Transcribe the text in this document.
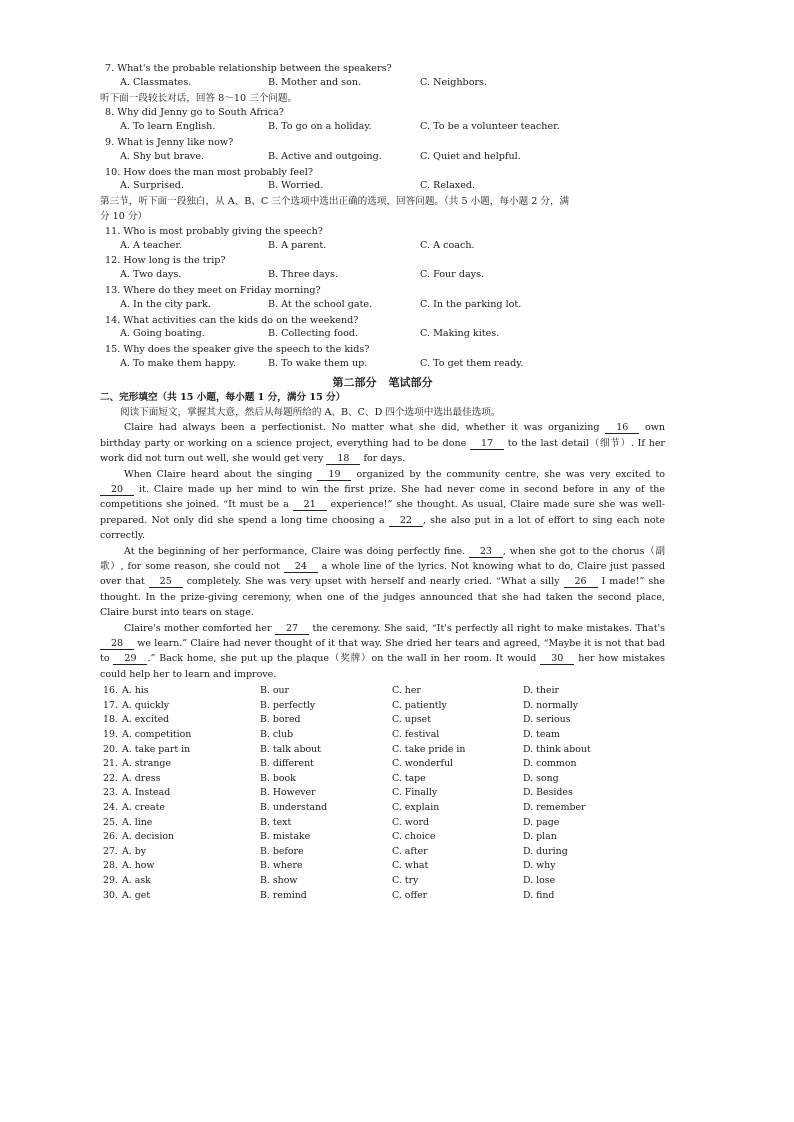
7. What's the probable relationship between the speakers?
A. Classmates.	B. Mother and son.	C. Neighbors.
听下面一段较长对话，回答 8～10 三个问题。
8. Why did Jenny go to South Africa?
A. To learn English.	B. To go on a holiday.	C. To be a volunteer teacher.
9. What is Jenny like now?
A. Shy but brave.	B. Active and outgoing.	C. Quiet and helpful.
10. How does the man most probably feel?
A. Surprised.	B. Worried.	C. Relaxed.
第三节，听下面一段独白，从 A、B、C 三个选项中选出正确的选项，回答问题。（共 5 小题，每小题 2 分，满
分 10 分）
11. Who is most probably giving the speech?
A. A teacher.	B. A parent.	C. A coach.
12. How long is the trip?
A. Two days.	B. Three days.	C. Four days.
13. Where do they meet on Friday morning?
A. In the city park.	B. At the school gate.	C. In the parking lot.
14. What activities can the kids do on the weekend?
A. Going boating.	B. Collecting food.	C. Making kites.
15. Why does the speaker give the speech to the kids?
A. To make them happy.	B. To wake them up.	C. To get them ready.
第二部分 笔试部分
二、完形填空（共 15 小题，每小题 1 分，满分 15 分）
阅读下面短文，掌握其大意，然后从每题所给的 A、B、C、D 四个选项中选出最佳选项。

Claire had always been a perfectionist. No matter what she did, whether it was organizing 16 own birthday party or working on a science project, everything had to be done 17 to the last detail（细节）. If her work did not turn out well, she would get very 18 for days.

When Claire heard about the singing 19 organized by the community centre, she was very excited to 20 it. Claire made up her mind to win the first prize. She had never come in second before in any of the competitions she joined. “It must be a 21 experience!” she thought. As usual, Claire made sure she was well-prepared. Not only did she spend a long time choosing a 22 , she also put in a lot of effort to sing each note correctly.

At the beginning of her performance, Claire was doing perfectly fine. 23 , when she got to the chorus（副歌）, for some reason, she could not 24 a whole line of the lyrics. Not knowing what to do, Claire just passed over that 25 completely. She was very upset with herself and nearly cried. “What a silly 26 I made!” she thought. In the prize-giving ceremony, when one of the judges announced that she had taken the second place, Claire burst into tears on stage.

Claire's mother comforted her 27 the ceremony. She said, “It's perfectly all right to make mistakes. That's 28 we learn.” Claire had never thought of it that way. She dried her tears and agreed, “Maybe it is not that bad to 29 .” Back home, she put up the plaque（奖牌）on the wall in her room. It would 30 her how mistakes could help her to learn and improve.

16. A. his	B. our	C. her	D. their
17. A. quickly	B. perfectly	C. patiently	D. normally
18. A. excited	B. bored	C. upset	D. serious
19. A. competition	B. club	C. festival	D. team
20. A. take part in	B. talk about	C. take pride in	D. think about
21. A. strange	B. different	C. wonderful	D. common
22. A. dress	B. book	C. tape	D. song
23. A. Instead	B. However	C. Finally	D. Besides
24. A. create	B. understand	C. explain	D. remember
25. A. line	B. text	C. word	D. page
26. A. decision	B. mistake	C. choice	D. plan
27. A. by	B. before	C. after	D. during
28. A. how	B. where	C. what	D. why
29. A. ask	B. show	C. try	D. lose
30. A. get	B. remind	C. offer	D. find
